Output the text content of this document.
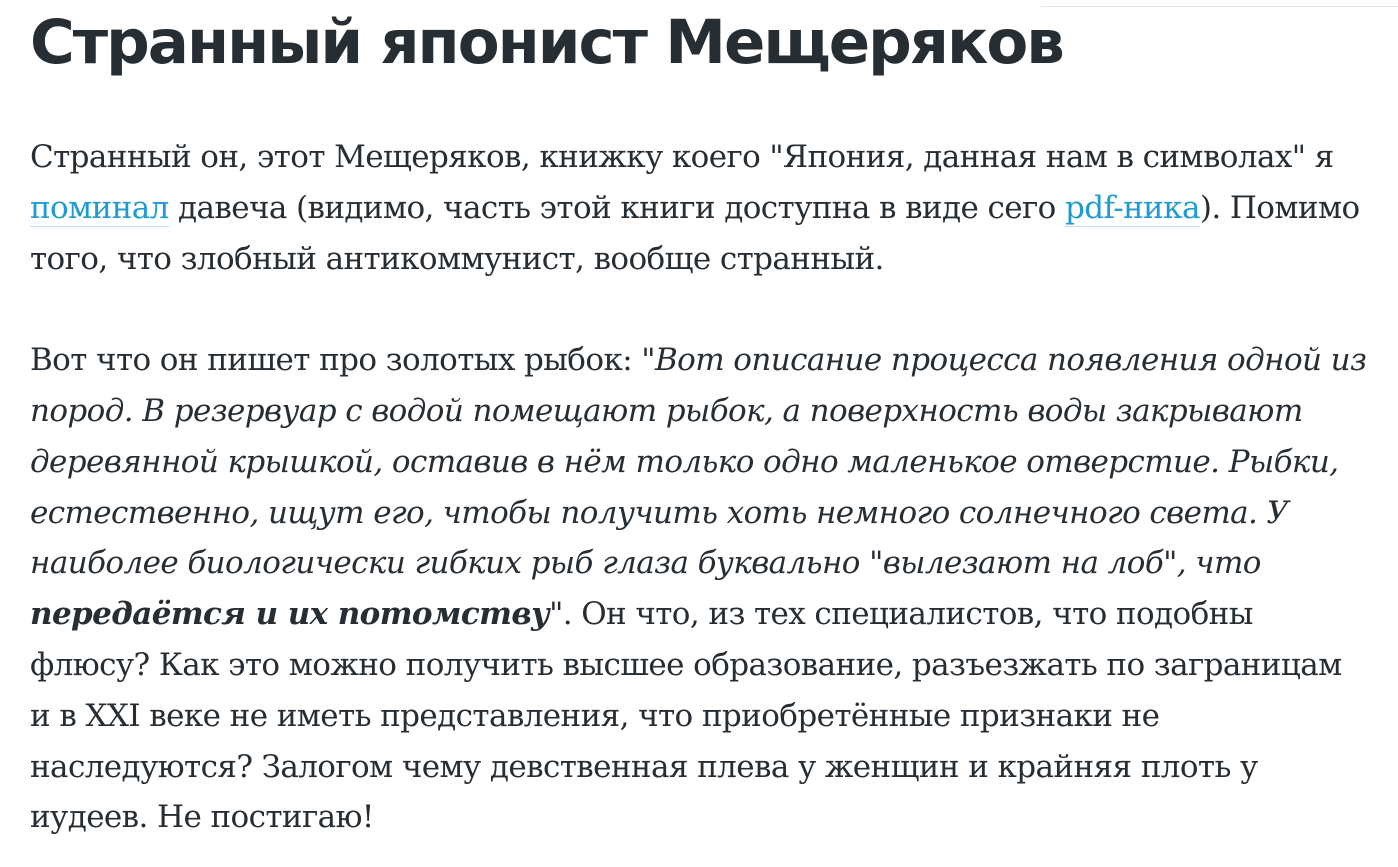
Странный японист Мещеряков

Странный он, этот Мещеряков, книжку коего "Япония, данная нам в символах" я поминал давеча (видимо, часть этой книги доступна в виде сего pdf-ника). Помимо того, что злобный антикоммунист, вообще странный.

Вот что он пишет про золотых рыбок: "Вот описание процесса появления одной из пород. В резервуар с водой помещают рыбок, а поверхность воды закрывают деревянной крышкой, оставив в нём только одно маленькое отверстие. Рыбки, естественно, ищут его, чтобы получить хоть немного солнечного света. У наиболее биологически гибких рыб глаза буквально "вылезают на лоб", что передаётся и их потомству". Он что, из тех специалистов, что подобны флюсу? Как это можно получить высшее образование, разъезжать по заграницам и в XXI веке не иметь представления, что приобретённые признаки не наследуются? Залогом чему девственная плева у женщин и крайняя плоть у иудеев. Не постигаю!
